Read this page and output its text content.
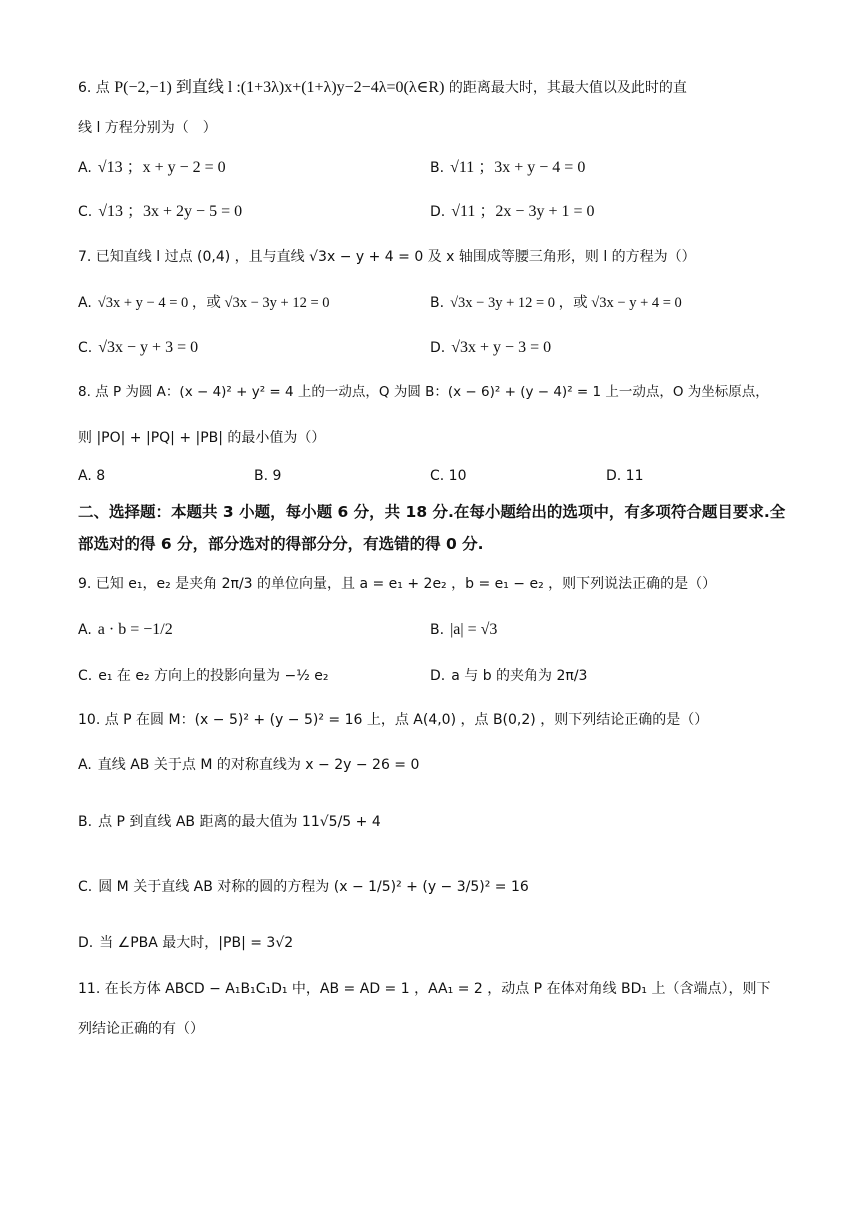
6. 点 P(−2,−1) 到直线 l :(1+3λ)x+(1+λ)y−2−4λ=0(λ∈R) 的距离最大时，其最大值以及此时的直
线 l 方程分别为（　）
A. √13 ；x + y − 2 = 0	B. √11 ；3x + y − 4 = 0
C. √13 ；3x + 2y − 5 = 0	D. √11 ；2x − 3y + 1 = 0
7. 已知直线 l 过点 (0,4) ，且与直线 √3x − y + 4 = 0 及 x 轴围成等腰三角形，则 l 的方程为（）
A. √3x + y − 4 = 0 ，或 √3x − 3y + 12 = 0	B. √3x − 3y + 12 = 0 ，或 √3x − y + 4 = 0
C. √3x − y + 3 = 0	D. √3x + y − 3 = 0
8. 点 P 为圆 A：(x − 4)² + y² = 4 上的一动点，Q 为圆 B：(x − 6)² + (y − 4)² = 1 上一动点，O 为坐标原点，
则 |PO| + |PQ| + |PB| 的最小值为（）
A. 8	B. 9	C. 10	D. 11
二、选择题：本题共 3 小题，每小题 6 分，共 18 分.在每小题给出的选项中，有多项符合题目要求.全部选对的得 6 分，部分选对的得部分分，有选错的得 0 分.
9. 已知 e₁，e₂ 是夹角 2π/3 的单位向量，且 a = e₁ + 2e₂ ，b = e₁ − e₂ ，则下列说法正确的是（）
A. a · b = −1/2	B. |a| = √3
C. e₁ 在 e₂ 方向上的投影向量为 −½ e₂	D. a 与 b 的夹角为 2π/3
10. 点 P 在圆 M：(x − 5)² + (y − 5)² = 16 上，点 A(4,0) ，点 B(0,2) ，则下列结论正确的是（）
A. 直线 AB 关于点 M 的对称直线为 x − 2y − 26 = 0
B. 点 P 到直线 AB 距离的最大值为 11√5/5 + 4
C. 圆 M 关于直线 AB 对称的圆的方程为 (x − 1/5)² + (y − 3/5)² = 16
D. 当 ∠PBA 最大时，|PB| = 3√2
11. 在长方体 ABCD − A₁B₁C₁D₁ 中，AB = AD = 1 ，AA₁ = 2 ，动点 P 在体对角线 BD₁ 上（含端点），则下
列结论正确的有（）
